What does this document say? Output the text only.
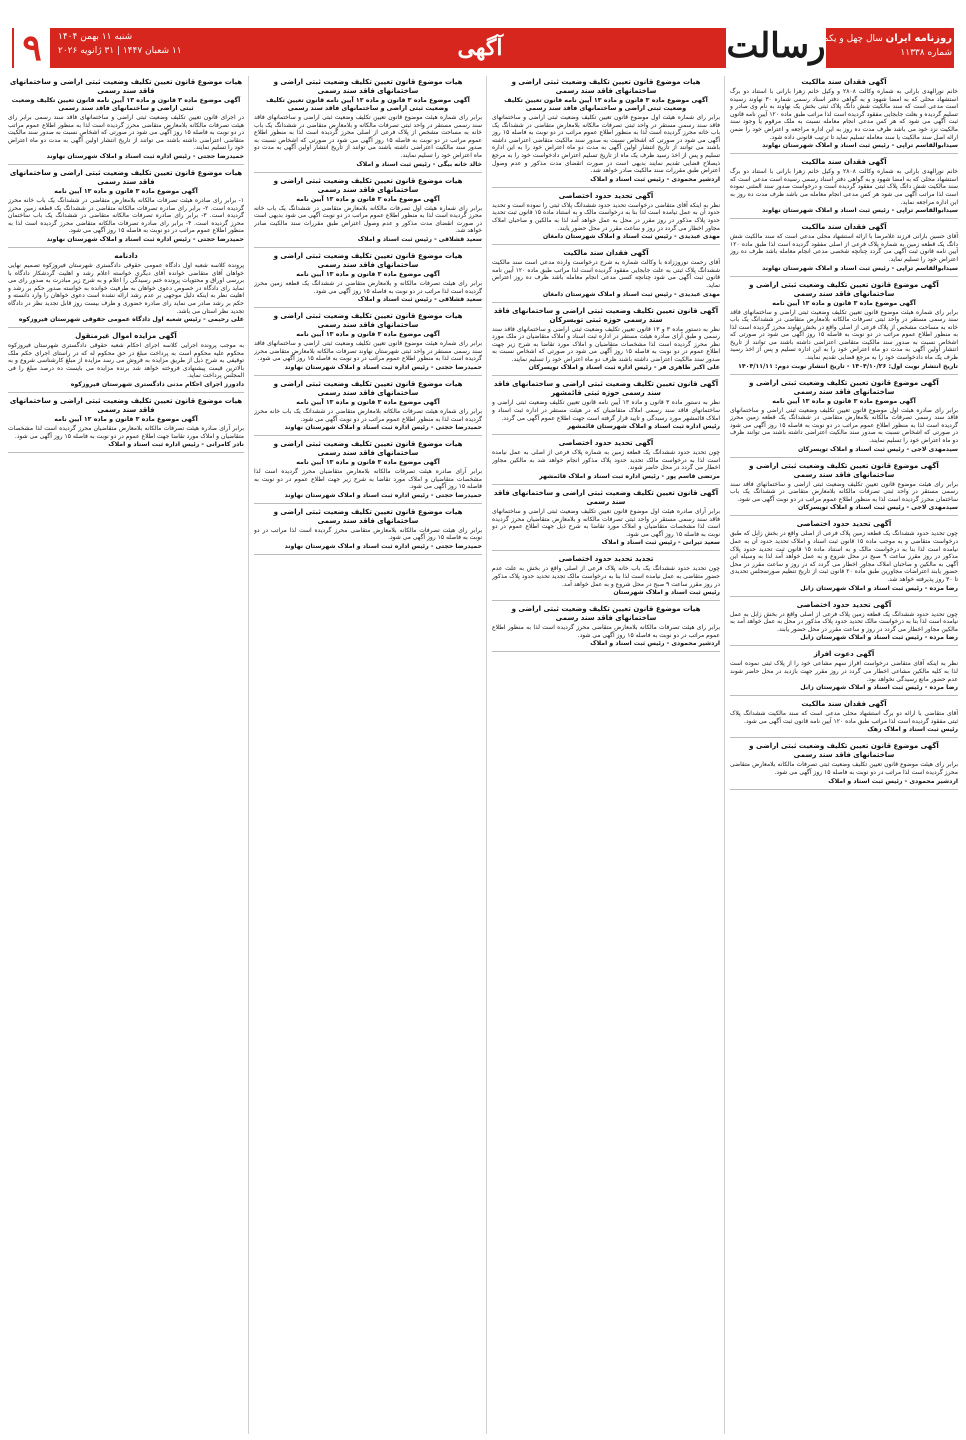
۹	شنبه ۱۱ بهمن ۱۴۰۴
۱۱ شعبان ۱۴۴۷ | ۳۱ ژانویه ۲۰۲۶	آگهی	رسالت	روزنامه ایران سال چهل و یکم
شماره ۱۱۳۳۸
آگهی فقدان سند مالکیت
خانم نورالهدی بارانی به شماره وکالت ۲۸۰۸ و وکیل خانم زهرا بارانی با استناد دو برگ استشهاد محلی که به امضا شهود و به گواهی دفتر اسناد رسمی شماره ۳۰ نهاوند رسیده است مدعی است که سند مالکیت شش دانگ پلاک ثبتی بخش یک نهاوند به نام وی صادر و تسلیم گردیده و بعلت جابجایی مفقود گردیده است لذا مراتب طبق ماده ۱۲۰ آیین نامه قانون ثبت آگهی می شود که هر کس مدعی انجام معامله نسبت به ملک مرقوم یا وجود سند مالکیت نزد خود می باشد ظرف مدت ده روز به این اداره مراجعه و اعتراض خود را ضمن ارائه اصل سند مالکیت یا سند معامله تسلیم نماید تا ترتیب قانونی داده شود.
سیدابوالقاسم تراپی - رئیس ثبت اسناد و املاک شهرستان نهاوند
آگهی فقدان سند مالکیت
خانم نورالهدی بارانی به شماره وکالت ۲۸۰۸ و وکیل خانم زهرا بارانی با استناد دو برگ استشهاد محلی که به امضا شهود و به گواهی دفتر اسناد رسمی رسیده است مدعی است که سند مالکیت شش دانگ پلاک ثبتی مفقود گردیده است و درخواست صدور سند المثنی نموده است لذا مراتب آگهی می شود هر کس مدعی انجام معامله می باشد ظرف مدت ده روز به این اداره مراجعه نماید.
سیدابوالقاسم تراپی - رئیس ثبت اسناد و املاک شهرستان نهاوند
آگهی فقدان سند مالکیت
آقای حسین بارانی فرزند غلامرضا با ارائه استشهاد محلی مدعی است که سند مالکیت شش دانگ یک قطعه زمین به شماره پلاک فرعی از اصلی مفقود گردیده است لذا طبق ماده ۱۲۰ آیین نامه قانون ثبت آگهی می گردد چنانچه شخصی مدعی انجام معامله باشد ظرف ده روز اعتراض خود را تسلیم نماید.
سیدابوالقاسم تراپی - رئیس ثبت اسناد و املاک شهرستان نهاوند
آگهی موضوع قانون تعیین تکلیف وضعیت ثبتی اراضی و ساختمانهای فاقد سند رسمی
آگهی موضوع ماده ۳ قانون و ماده ۱۳ آیین نامه
برابر رای شماره هیئت موضوع قانون تعیین تکلیف وضعیت ثبتی اراضی و ساختمانهای فاقد سند رسمی مستقر در واحد ثبتی تصرفات مالکانه بلامعارض متقاضی در ششدانگ یک باب خانه به مساحت مشخص از پلاک فرعی از اصلی واقع در بخش نهاوند محرز گردیده است لذا به منظور اطلاع عموم مراتب در دو نوبت به فاصله ۱۵ روز آگهی می شود در صورتی که اشخاص نسبت به صدور سند مالکیت متقاضی اعتراضی داشته باشند می توانند از تاریخ انتشار اولین آگهی به مدت دو ماه اعتراض خود را به این اداره تسلیم و پس از اخذ رسید ظرف یک ماه دادخواست خود را به مرجع قضایی تقدیم نمایند.
تاریخ انتشار نوبت اول: ۱۴۰۴/۱۰/۲۶ - تاریخ انتشار نوبت دوم: ۱۴۰۴/۱۱/۱۱
آگهی موضوع قانون تعیین تکلیف وضعیت ثبتی اراضی و ساختمانهای فاقد سند رسمی
آگهی موضوع ماده ۳ قانون و ماده ۱۳ آیین نامه
برابر رای صادره هیئت اول موضوع قانون تعیین تکلیف وضعیت ثبتی اراضی و ساختمانهای فاقد سند رسمی تصرفات مالکانه بلامعارض متقاضی در ششدانگ یک قطعه زمین محرز گردیده است لذا به منظور اطلاع عموم مراتب در دو نوبت به فاصله ۱۵ روز آگهی می شود در صورتی که اشخاص نسبت به صدور سند مالکیت اعتراضی داشته باشند می توانند ظرف دو ماه اعتراض خود را تسلیم نمایند.
سیدمهدی لاجی - رئیس ثبت اسناد و املاک تویسرکان
آگهی موضوع قانون تعیین تکلیف وضعیت ثبتی اراضی و ساختمانهای فاقد سند رسمی
برابر رای هیئت موضوع قانون تعیین تکلیف وضعیت ثبتی اراضی و ساختمانهای فاقد سند رسمی مستقر در واحد ثبتی تصرفات مالکانه بلامعارض متقاضی در ششدانگ یک باب ساختمان محرز گردیده است لذا به منظور اطلاع عموم مراتب در دو نوبت آگهی می شود.
سیدمهدی لاجی - رئیس ثبت اسناد و املاک تویسرکان
آگهی تحدید حدود اختصاصی
چون تحدید حدود ششدانگ یک قطعه زمین پلاک فرعی از اصلی واقع در بخش زابل که طبق درخواست متقاضی و به موجب ماده ۱۵ قانون ثبت اسناد و املاک تحدید حدود آن به عمل نیامده است لذا بنا به درخواست مالک و به استناد ماده ۱۵ قانون ثبت تحدید حدود پلاک مذکور در روز مقرر ساعت ۹ صبح در محل شروع و به عمل خواهد آمد لذا به وسیله این آگهی به مالکین و صاحبان املاک مجاور اخطار می گردد که در روز و ساعت مقرر در محل حضور یابند اعتراضات مجاورین طبق ماده ۲۰ قانون ثبت از تاریخ تنظیم صورتمجلس تحدیدی تا ۳۰ روز پذیرفته خواهد شد.
رضا مرده - رئیس ثبت اسناد و املاک شهرستان زابل
آگهی تحدید حدود اختصاصی
چون تحدید حدود ششدانگ یک قطعه زمین پلاک فرعی از اصلی واقع در بخش زابل به عمل نیامده است لذا بنا به درخواست مالک تحدید حدود پلاک مذکور در محل به عمل خواهد آمد به مالکین مجاور اخطار می گردد در روز و ساعت مقرر در محل حضور یابند.
رضا مرده - رئیس ثبت اسناد و املاک شهرستان زابل
آگهی دعوت افراز
نظر به اینکه آقای متقاضی درخواست افراز سهم مشاعی خود را از پلاک ثبتی نموده است لذا به کلیه مالکین مشاعی اخطار می گردد در روز مقرر جهت بازدید در محل حاضر شوند عدم حضور مانع رسیدگی نخواهد بود.
رضا مرده - رئیس ثبت اسناد و املاک شهرستان زابل
آگهی فقدان سند مالکیت
آقای متقاضی با ارائه دو برگ استشهاد محلی مدعی است که سند مالکیت ششدانگ پلاک ثبتی مفقود گردیده است لذا مراتب طبق ماده ۱۲۰ آیین نامه قانون ثبت آگهی می شود.
رئیس ثبت اسناد و املاک زهک
آگهی موضوع قانون تعیین تکلیف وضعیت ثبتی اراضی و ساختمانهای فاقد سند رسمی
برابر رای هیئت موضوع قانون تعیین تکلیف وضعیت ثبتی تصرفات مالکانه بلامعارض متقاضی محرز گردیده است لذا مراتب در دو نوبت به فاصله ۱۵ روز آگهی می شود.
اردشیر محمودی - رئیس ثبت اسناد و املاک
هیات موضوع قانون تعیین تکلیف وضعیت ثبتی اراضی و ساختمانهای فاقد سند رسمی
آگهی موضوع ماده ۳ قانون و ماده ۱۳ آیین نامه قانون تعیین تکلیف وضعیت ثبتی اراضی و ساختمانهای فاقد سند رسمی
برابر رای شماره هیئت اول موضوع قانون تعیین تکلیف وضعیت ثبتی اراضی و ساختمانهای فاقد سند رسمی مستقر در واحد ثبتی تصرفات مالکانه بلامعارض متقاضی در ششدانگ یک باب خانه محرز گردیده است لذا به منظور اطلاع عموم مراتب در دو نوبت به فاصله ۱۵ روز آگهی می شود در صورتی که اشخاص نسبت به صدور سند مالکیت متقاضی اعتراضی داشته باشند می توانند از تاریخ انتشار اولین آگهی به مدت دو ماه اعتراض خود را به این اداره تسلیم و پس از اخذ رسید ظرف یک ماه از تاریخ تسلیم اعتراض دادخواست خود را به مرجع ذیصلاح قضایی تقدیم نمایند بدیهی است در صورت انقضای مدت مذکور و عدم وصول اعتراض طبق مقررات سند مالکیت صادر خواهد شد.
اردشیر محمودی - رئیس ثبت اسناد و املاک
آگهی تحدید حدود اختصاصی
نظر به اینکه آقای متقاضی درخواست تحدید حدود ششدانگ پلاک ثبتی را نموده است و تحدید حدود آن به عمل نیامده است لذا بنا به درخواست مالک و به استناد ماده ۱۵ قانون ثبت تحدید حدود پلاک مذکور در روز مقرر در محل به عمل خواهد آمد لذا به مالکین و صاحبان املاک مجاور اخطار می گردد در روز و ساعت مقرر در محل حضور یابند.
مهدی عبدیدی - رئیس ثبت اسناد و املاک شهرستان دامغان
آگهی فقدان سند مالکیت
آقای رحمت نوروززاده با وکالت شماره به شرح درخواست وارده مدعی است سند مالکیت ششدانگ پلاک ثبتی به علت جابجایی مفقود گردیده است لذا مراتب طبق ماده ۱۲۰ آیین نامه قانون ثبت آگهی می شود چنانچه کسی مدعی انجام معامله باشد ظرف ده روز اعتراض نماید.
مهدی عبدیدی - رئیس ثبت اسناد و املاک شهرستان دامغان
آگهی قانون تعیین تکلیف وضعیت ثبتی اراضی و ساختمانهای فاقد سند رسمی حوزه ثبتی تویسرکان
نظر به دستور ماده ۳ و ۱۳ قانون تعیین تکلیف وضعیت ثبتی اراضی و ساختمانهای فاقد سند رسمی و طبق آرای صادره هیئت مستقر در اداره ثبت اسناد و املاک متقاضیان در ملک مورد نظر محرز گردیده است لذا مشخصات متقاضیان و املاک مورد تقاضا به شرح زیر جهت اطلاع عموم در دو نوبت به فاصله ۱۵ روز آگهی می شود در صورتی که اشخاص نسبت به صدور سند مالکیت اعتراضی داشته باشند ظرف دو ماه اعتراض خود را تسلیم نمایند.
علی اکبر طاهری فر - رئیس اداره ثبت اسناد و املاک تویسرکان
آگهی قانون تعیین تکلیف وضعیت ثبتی اراضی و ساختمانهای فاقد سند رسمی حوزه ثبتی قائمشهر
نظر به دستور ماده ۳ قانون و ماده ۱۳ آیین نامه قانون تعیین تکلیف وضعیت ثبتی اراضی و ساختمانهای فاقد سند رسمی املاک متقاضیان که در هیئت مستقر در اداره ثبت اسناد و املاک قائمشهر مورد رسیدگی و تایید قرار گرفته است جهت اطلاع عموم آگهی می گردد.
رئیس اداره ثبت اسناد و املاک شهرستان قائمشهر
آگهی تحدید حدود اختصاصی
چون تحدید حدود ششدانگ یک قطعه زمین به شماره پلاک فرعی از اصلی به عمل نیامده است لذا به درخواست مالک تحدید حدود پلاک مذکور انجام خواهد شد به مالکین مجاور اخطار می گردد در محل حاضر شوند.
مرتضی قاسم پور - رئیس اداره ثبت اسناد و املاک قائمشهر
آگهی قانون تعیین تکلیف وضعیت ثبتی اراضی و ساختمانهای فاقد سند رسمی
برابر آرای صادره هیئت اول موضوع قانون تعیین تکلیف وضعیت ثبتی اراضی و ساختمانهای فاقد سند رسمی مستقر در واحد ثبتی تصرفات مالکانه و بلامعارض متقاضیان محرز گردیده است لذا مشخصات متقاضیان و املاک مورد تقاضا به شرح ذیل جهت اطلاع عموم در دو نوبت به فاصله ۱۵ روز آگهی می شود.
سعید تیرانی - رئیس ثبت اسناد و املاک
تجدید تحدید حدود اختصاصی
چون تحدید حدود ششدانگ یک باب خانه پلاک فرعی از اصلی واقع در بخش به علت عدم حضور متقاضی به عمل نیامده است لذا بنا به درخواست مالک تجدید تحدید حدود پلاک مذکور در روز مقرر ساعت ۹ صبح در محل شروع و به عمل خواهد آمد.
رئیس ثبت اسناد و املاک شهرستان
هیات موضوع قانون تعیین تکلیف وضعیت ثبتی اراضی و ساختمانهای فاقد سند رسمی
برابر رای هیئت تصرفات مالکانه بلامعارض متقاضی محرز گردیده است لذا به منظور اطلاع عموم مراتب در دو نوبت به فاصله ۱۵ روز آگهی می شود.
اردشیر محمودی - رئیس ثبت اسناد و املاک
هیات موضوع قانون تعیین تکلیف وضعیت ثبتی اراضی و ساختمانهای فاقد سند رسمی
آگهی موضوع ماده ۳ قانون و ماده ۱۳ آیین نامه قانون تعیین تکلیف وضعیت ثبتی اراضی و ساختمانهای فاقد سند رسمی
برابر رای شماره هیئت موضوع قانون تعیین تکلیف وضعیت ثبتی اراضی و ساختمانهای فاقد سند رسمی مستقر در واحد ثبتی تصرفات مالکانه و بلامعارض متقاضی در ششدانگ یک باب خانه به مساحت مشخص از پلاک فرعی از اصلی محرز گردیده است لذا به منظور اطلاع عموم مراتب در دو نوبت به فاصله ۱۵ روز آگهی می شود در صورتی که اشخاص نسبت به صدور سند مالکیت اعتراضی داشته باشند می توانند از تاریخ انتشار اولین آگهی به مدت دو ماه اعتراض خود را تسلیم نمایند.
خالد خانه بیگی - رئیس ثبت اسناد و املاک
هیات موضوع قانون تعیین تکلیف وضعیت ثبتی اراضی و ساختمانهای فاقد سند رسمی
آگهی موضوع ماده ۳ قانون و ماده ۱۳ آیین نامه
برابر رای شماره هیئت اول تصرفات مالکانه بلامعارض متقاضی در ششدانگ یک باب خانه محرز گردیده است لذا به منظور اطلاع عموم مراتب در دو نوبت آگهی می شود بدیهی است در صورت انقضای مدت مذکور و عدم وصول اعتراض طبق مقررات سند مالکیت صادر خواهد شد.
سعید قشلاقی - رئیس ثبت اسناد و املاک
هیات موضوع قانون تعیین تکلیف وضعیت ثبتی اراضی و ساختمانهای فاقد سند رسمی
آگهی موضوع ماده ۳ قانون و ماده ۱۳ آیین نامه
برابر رای هیئت تصرفات مالکانه و بلامعارض متقاضی در ششدانگ یک قطعه زمین محرز گردیده است لذا مراتب در دو نوبت به فاصله ۱۵ روز آگهی می شود.
سعید قشلاقی - رئیس ثبت اسناد و املاک
هیات موضوع قانون تعیین تکلیف وضعیت ثبتی اراضی و ساختمانهای فاقد سند رسمی
آگهی موضوع ماده ۳ قانون و ماده ۱۳ آیین نامه
برابر رای شماره هیئت موضوع قانون تعیین تکلیف وضعیت ثبتی اراضی و ساختمانهای فاقد سند رسمی مستقر در واحد ثبتی شهرستان نهاوند تصرفات مالکانه بلامعارض متقاضی محرز گردیده است لذا به منظور اطلاع عموم مراتب در دو نوبت به فاصله ۱۵ روز آگهی می شود.
حمیدرضا حجتی - رئیس اداره ثبت اسناد و املاک شهرستان نهاوند
هیات موضوع قانون تعیین تکلیف وضعیت ثبتی اراضی و ساختمانهای فاقد سند رسمی
آگهی موضوع ماده ۳ قانون و ماده ۱۳ آیین نامه
برابر رای شماره هیئت تصرفات مالکانه بلامعارض متقاضی در ششدانگ یک باب خانه محرز گردیده است لذا به منظور اطلاع عموم مراتب در دو نوبت آگهی می شود.
حمیدرضا حجتی - رئیس اداره ثبت اسناد و املاک شهرستان نهاوند
هیات موضوع قانون تعیین تکلیف وضعیت ثبتی اراضی و ساختمانهای فاقد سند رسمی
آگهی موضوع ماده ۳ قانون و ماده ۱۳ آیین نامه
برابر آرای صادره هیئت تصرفات مالکانه بلامعارض متقاضیان محرز گردیده است لذا مشخصات متقاضیان و املاک مورد تقاضا به شرح زیر جهت اطلاع عموم در دو نوبت به فاصله ۱۵ روز آگهی می شود.
حمیدرضا حجتی - رئیس اداره ثبت اسناد و املاک شهرستان نهاوند
هیات موضوع قانون تعیین تکلیف وضعیت ثبتی اراضی و ساختمانهای فاقد سند رسمی
برابر رای هیئت تصرفات مالکانه بلامعارض متقاضی محرز گردیده است لذا مراتب در دو نوبت به فاصله ۱۵ روز آگهی می شود.
حمیدرضا حجتی - رئیس اداره ثبت اسناد و املاک شهرستان نهاوند
هیات موضوع قانون تعیین تکلیف وضعیت ثبتی اراضی و ساختمانهای فاقد سند رسمی
آگهی موضوع ماده ۳ قانون و ماده ۱۳ آیین نامه قانون تعیین تکلیف وضعیت ثبتی اراضی و ساختمانهای فاقد سند رسمی
در اجرای قانون تعیین تکلیف وضعیت ثبتی اراضی و ساختمانهای فاقد سند رسمی برابر رای هیئت تصرفات مالکانه بلامعارض متقاضی محرز گردیده است لذا به منظور اطلاع عموم مراتب در دو نوبت به فاصله ۱۵ روز آگهی می شود در صورتی که اشخاص نسبت به صدور سند مالکیت متقاضی اعتراضی داشته باشند می توانند از تاریخ انتشار اولین آگهی به مدت دو ماه اعتراض خود را تسلیم نمایند.
حمیدرضا حجتی - رئیس اداره ثبت اسناد و املاک شهرستان نهاوند
هیات موضوع قانون تعیین تکلیف وضعیت ثبتی اراضی و ساختمانهای فاقد سند رسمی
آگهی موضوع ماده ۳ قانون و ماده ۱۳ آیین نامه
۱- برابر رای صادره هیئت تصرفات مالکانه بلامعارض متقاضی در ششدانگ یک باب خانه محرز گردیده است. ۲- برابر رای صادره تصرفات مالکانه متقاضی در ششدانگ یک قطعه زمین محرز گردیده است. ۳- برابر رای صادره تصرفات مالکانه متقاضی در ششدانگ یک باب ساختمان محرز گردیده است. ۴- برابر رای صادره تصرفات مالکانه متقاضی محرز گردیده است لذا به منظور اطلاع عموم مراتب در دو نوبت به فاصله ۱۵ روز آگهی می شود.
حمیدرضا حجتی - رئیس اداره ثبت اسناد و املاک شهرستان نهاوند
دادنامه
پرونده کلاسه شعبه اول دادگاه عمومی حقوقی دادگستری شهرستان فیروزکوه تصمیم نهایی خواهان آقای متقاضی خوانده آقای دیگری خواسته اعلام رشد و اهلیت گردشکار دادگاه با بررسی اوراق و محتویات پرونده ختم رسیدگی را اعلام و به شرح زیر مبادرت به صدور رای می نماید رای دادگاه در خصوص دعوی خواهان به طرفیت خوانده به خواسته صدور حکم بر رشد و اهلیت نظر به اینکه دلیل موجهی بر عدم رشد ارائه نشده است دعوی خواهان را وارد دانسته و حکم بر رشد صادر می نماید رای صادره حضوری و ظرف بیست روز قابل تجدید نظر در دادگاه تجدید نظر استان می باشد.
علی رحیمی - رئیس شعبه اول دادگاه عمومی حقوقی شهرستان فیروزکوه
آگهی مزایده اموال غیرمنقول
به موجب پرونده اجرایی کلاسه اجرای احکام شعبه حقوقی دادگستری شهرستان فیروزکوه محکوم علیه محکوم است به پرداخت مبلغ در حق محکوم له که در راستای اجرای حکم ملک توقیفی به شرح ذیل از طریق مزایده به فروش می رسد مزایده از مبلغ کارشناسی شروع و به بالاترین قیمت پیشنهادی فروخته خواهد شد برنده مزایده می بایست ده درصد مبلغ را فی المجلس پرداخت نماید.
دادورز اجرای احکام مدنی دادگستری شهرستان فیروزکوه
هیات موضوع قانون تعیین تکلیف وضعیت ثبتی اراضی و ساختمانهای فاقد سند رسمی
آگهی موضوع ماده ۳ قانون و ماده ۱۳ آیین نامه
برابر آرای صادره هیئت تصرفات مالکانه بلامعارض متقاضیان محرز گردیده است لذا مشخصات متقاضیان و املاک مورد تقاضا جهت اطلاع عموم در دو نوبت به فاصله ۱۵ روز آگهی می شود.
نادر کامرانی - رئیس اداره ثبت اسناد و املاک
